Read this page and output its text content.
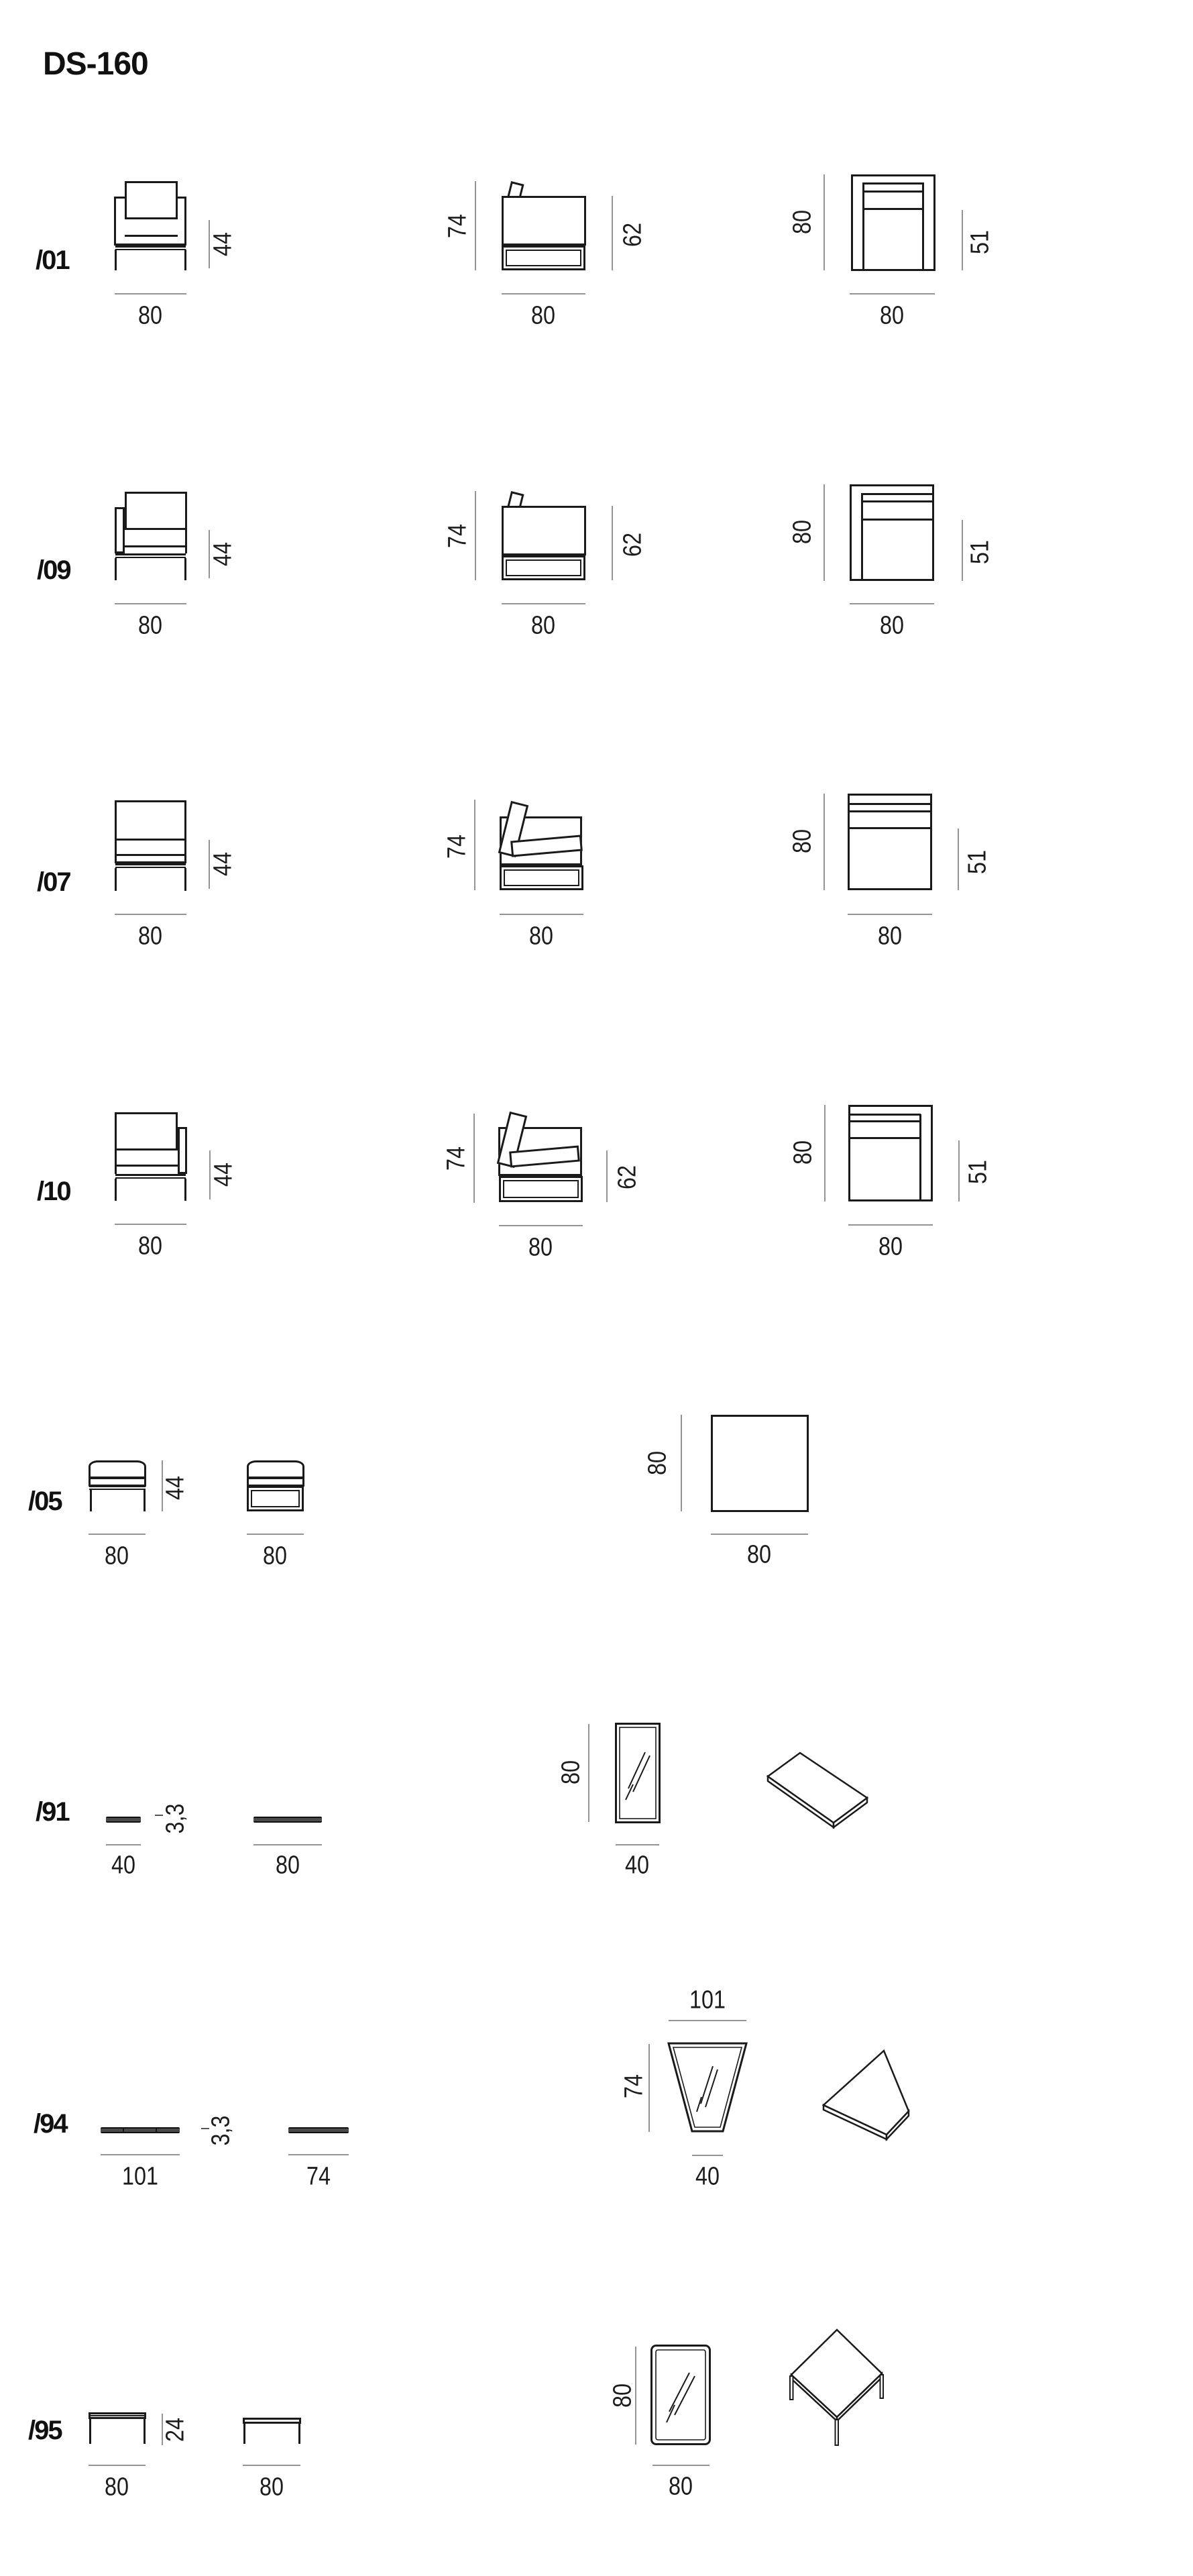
DS-160
/01
44
80
74	62
80
80
51
80
/09
44
80
74	62
80
80
51
80
/07
44
80
74
80
80
51
80
/10
44
80
74
62
80
80
51
80
/05	44
80	80
80
80
/91
40
3,3
80
80
40
/94
101
3,3
74
101
74
40
/95	24
80	80
80
80
